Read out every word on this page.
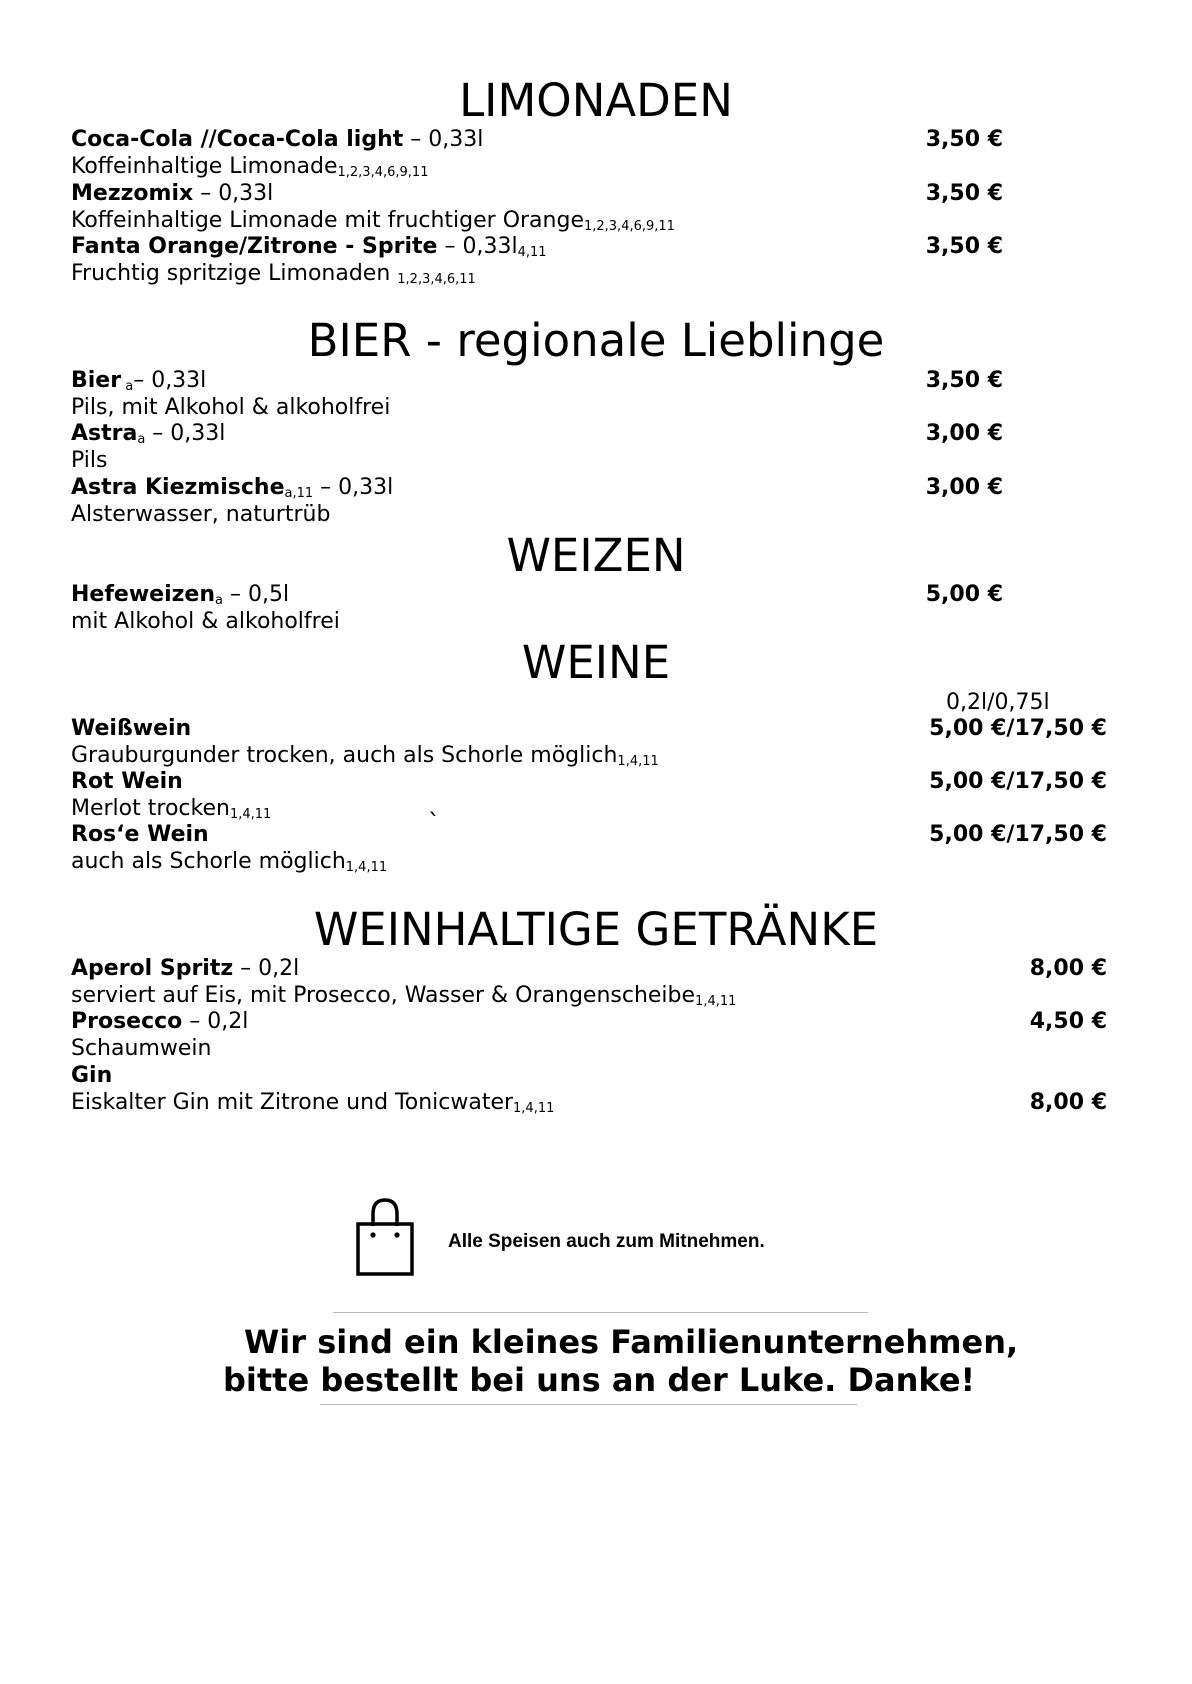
LIMONADEN
Coca-Cola //Coca-Cola light – 0,33l	3,50 €
Koffeinhaltige Limonade$_{1,2,3,4,6,9,11}$
Mezzomix – 0,33l	3,50 €
Koffeinhaltige Limonade mit fruchtiger Orange$_{1,2,3,4,6,9,11}$
Fanta Orange/Zitrone - Sprite – $0,33l_{4,11}$	3,50 €
Fruchtig spritzige Limonaden $_{1,2,3,4,6,11}$
BIER - regionale Lieblinge
Bier $_a$– 0,33l	3,50 €
Pils, mit Alkohol & alkoholfrei
Astra$_a$ – 0,33l	3,00 €
Pils
Astra Kiezmische$_{a,11}$ – 0,33l	3,00 €
Alsterwasser, naturtrüb
WEIZEN
Hefeweizen$_a$ – 0,5l	5,00 €
mit Alkohol & alkoholfrei
WEINE
0,2l/0,75l
Weißwein	5,00 €/17,50 €
Grauburgunder trocken, auch als Schorle möglich$_{1,4,11}$
Rot Wein	5,00 €/17,50 €
Merlot trocken$_{1,4,11}$	`
Ros‘e Wein	5,00 €/17,50 €
auch als Schorle möglich$_{1,4,11}$
WEINHALTIGE GETRÄNKE
Aperol Spritz – 0,2l	8,00 €
serviert auf Eis, mit Prosecco, Wasser & Orangenscheibe$_{1,4,11}$
Prosecco – 0,2l	4,50 €
Schaumwein
Gin
Eiskalter Gin mit Zitrone und Tonicwater$_{1,4,11}$	8,00 €
Alle Speisen auch zum Mitnehmen.
Wir sind ein kleines Familienunternehmen,
bitte bestellt bei uns an der Luke. Danke!
